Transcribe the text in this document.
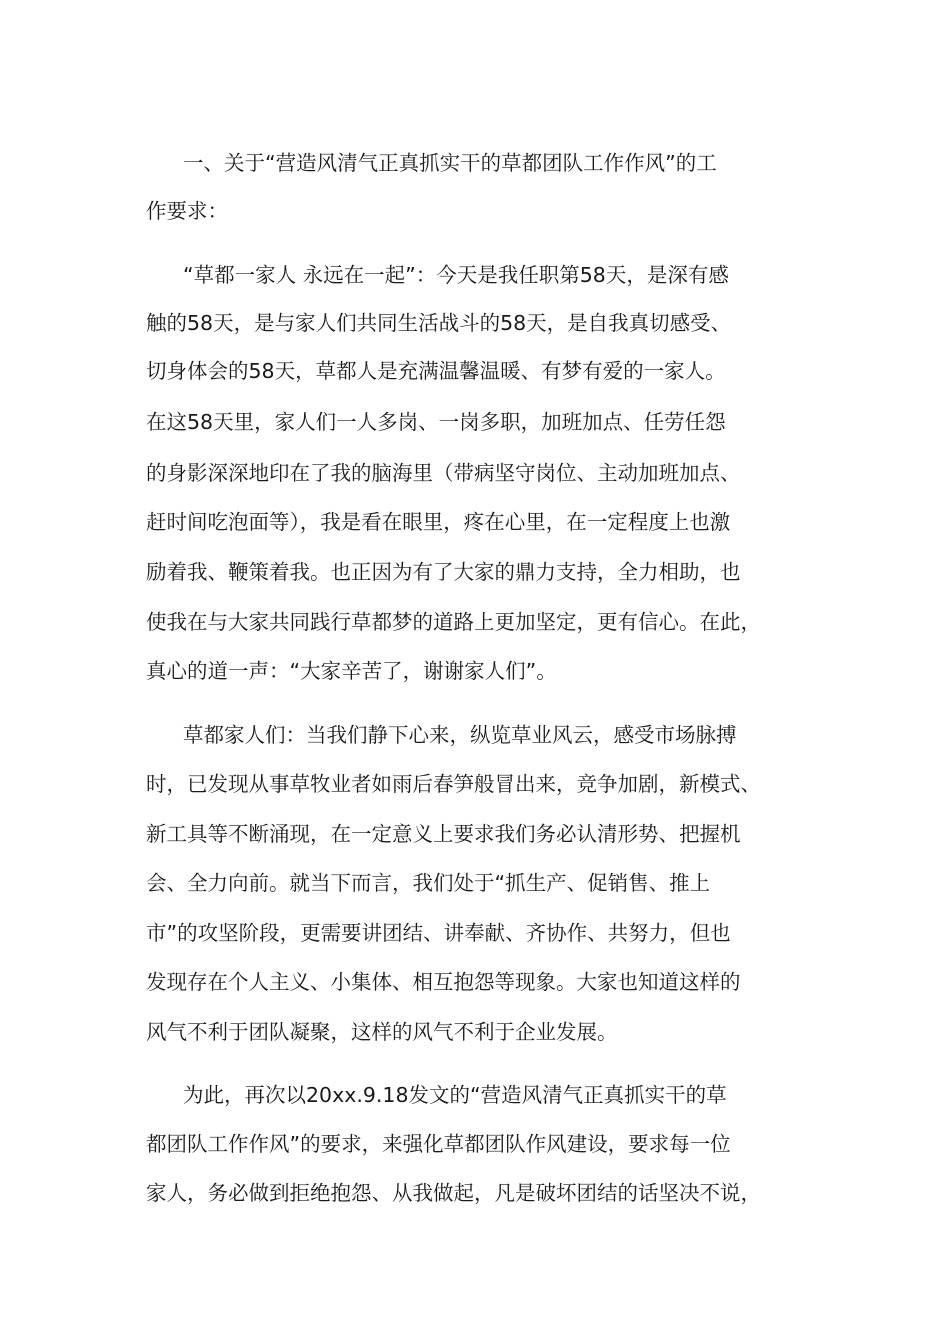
一、关于“营造风清气正真抓实干的草都团队工作作风”的工
作要求：
“草都一家人 永远在一起”：今天是我任职第58天，是深有感
触的58天，是与家人们共同生活战斗的58天，是自我真切感受、
切身体会的58天，草都人是充满温馨温暖、有梦有爱的一家人。
在这58天里，家人们一人多岗、一岗多职，加班加点、任劳任怨
的身影深深地印在了我的脑海里（带病坚守岗位、主动加班加点、
赶时间吃泡面等），我是看在眼里，疼在心里，在一定程度上也激
励着我、鞭策着我。也正因为有了大家的鼎力支持，全力相助，也
使我在与大家共同践行草都梦的道路上更加坚定，更有信心。在此，
真心的道一声：“大家辛苦了，谢谢家人们”。
草都家人们：当我们静下心来，纵览草业风云，感受市场脉搏
时，已发现从事草牧业者如雨后春笋般冒出来，竞争加剧，新模式、
新工具等不断涌现，在一定意义上要求我们务必认清形势、把握机
会、全力向前。就当下而言，我们处于“抓生产、促销售、推上
市”的攻坚阶段，更需要讲团结、讲奉献、齐协作、共努力，但也
发现存在个人主义、小集体、相互抱怨等现象。大家也知道这样的
风气不利于团队凝聚，这样的风气不利于企业发展。
为此，再次以20xx.9.18发文的“营造风清气正真抓实干的草
都团队工作作风”的要求，来强化草都团队作风建设，要求每一位
家人，务必做到拒绝抱怨、从我做起，凡是破坏团结的话坚决不说，
